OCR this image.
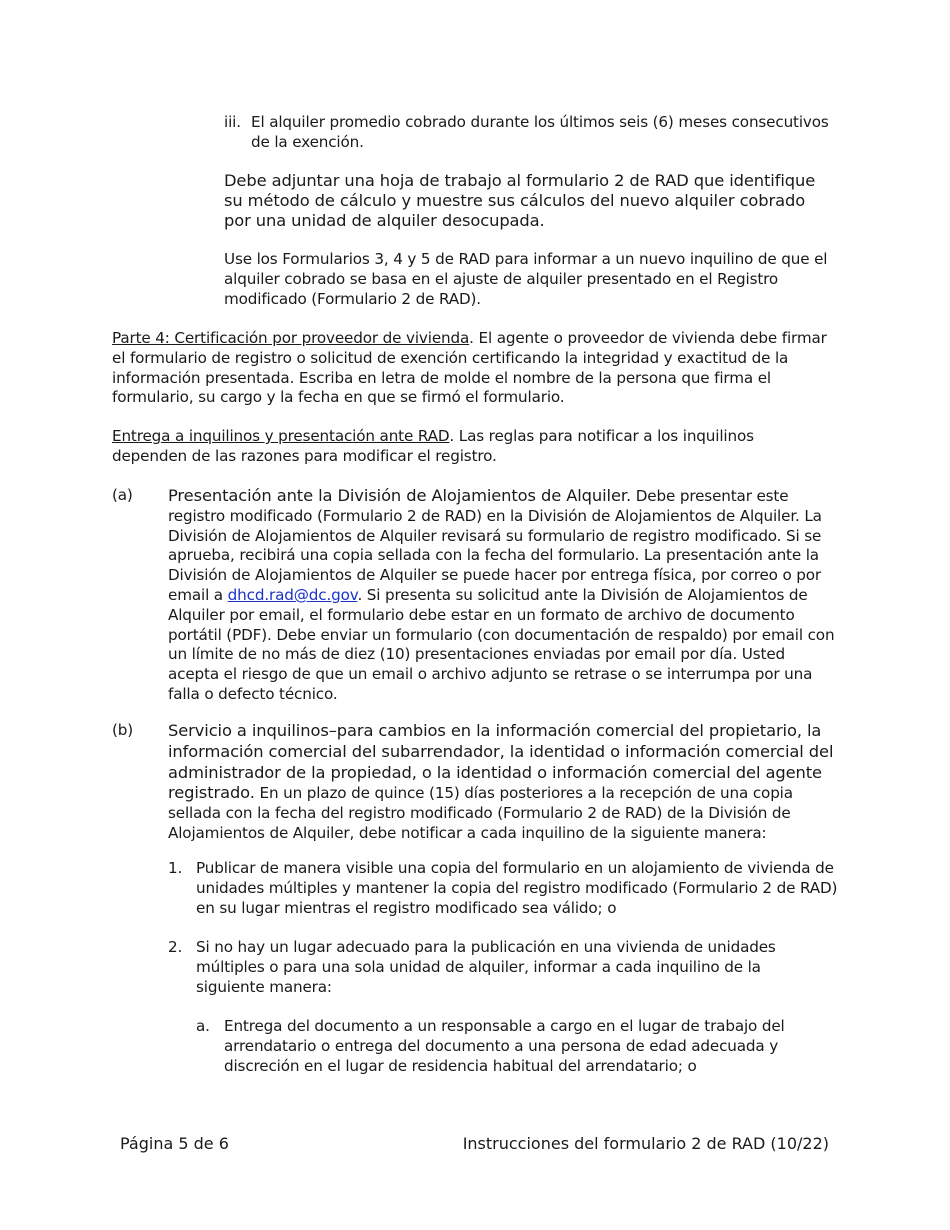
iii. El alquiler promedio cobrado durante los últimos seis (6) meses consecutivos de la exención.

Debe adjuntar una hoja de trabajo al formulario 2 de RAD que identifique su método de cálculo y muestre sus cálculos del nuevo alquiler cobrado por una unidad de alquiler desocupada.

Use los Formularios 3, 4 y 5 de RAD para informar a un nuevo inquilino de que el alquiler cobrado se basa en el ajuste de alquiler presentado en el Registro modificado (Formulario 2 de RAD).

Parte 4: Certificación por proveedor de vivienda. El agente o proveedor de vivienda debe firmar el formulario de registro o solicitud de exención certificando la integridad y exactitud de la información presentada. Escriba en letra de molde el nombre de la persona que firma el formulario, su cargo y la fecha en que se firmó el formulario.

Entrega a inquilinos y presentación ante RAD. Las reglas para notificar a los inquilinos dependen de las razones para modificar el registro.

(a) Presentación ante la División de Alojamientos de Alquiler. Debe presentar este registro modificado (Formulario 2 de RAD) en la División de Alojamientos de Alquiler. La División de Alojamientos de Alquiler revisará su formulario de registro modificado. Si se aprueba, recibirá una copia sellada con la fecha del formulario. La presentación ante la División de Alojamientos de Alquiler se puede hacer por entrega física, por correo o por email a dhcd.rad@dc.gov. Si presenta su solicitud ante la División de Alojamientos de Alquiler por email, el formulario debe estar en un formato de archivo de documento portátil (PDF). Debe enviar un formulario (con documentación de respaldo) por email con un límite de no más de diez (10) presentaciones enviadas por email por día. Usted acepta el riesgo de que un email o archivo adjunto se retrase o se interrumpa por una falla o defecto técnico.

(b) Servicio a inquilinos–para cambios en la información comercial del propietario, la información comercial del subarrendador, la identidad o información comercial del administrador de la propiedad, o la identidad o información comercial del agente registrado. En un plazo de quince (15) días posteriores a la recepción de una copia sellada con la fecha del registro modificado (Formulario 2 de RAD) de la División de Alojamientos de Alquiler, debe notificar a cada inquilino de la siguiente manera:

1. Publicar de manera visible una copia del formulario en un alojamiento de vivienda de unidades múltiples y mantener la copia del registro modificado (Formulario 2 de RAD) en su lugar mientras el registro modificado sea válido; o

2. Si no hay un lugar adecuado para la publicación en una vivienda de unidades múltiples o para una sola unidad de alquiler, informar a cada inquilino de la siguiente manera:

a. Entrega del documento a un responsable a cargo en el lugar de trabajo del arrendatario o entrega del documento a una persona de edad adecuada y discreción en el lugar de residencia habitual del arrendatario; o

Página 5 de 6	Instrucciones del formulario 2 de RAD (10/22)
